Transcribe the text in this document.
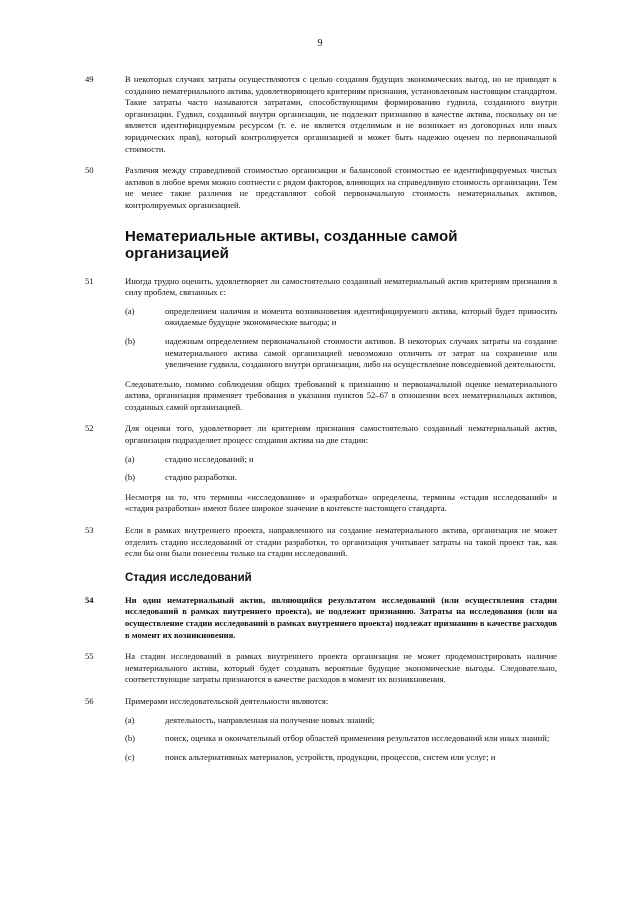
9
49	В некоторых случаях затраты осуществляются с целью создания будущих экономических выгод, но не приводят к созданию нематериального актива, удовлетворяющего критериям признания, установленным настоящим стандартом. Такие затраты часто называются затратами, способствующими формированию гудвила, созданного внутри организации. Гудвил, созданный внутри организации, не подлежит признанию в качестве актива, поскольку он не является идентифицируемым ресурсом (т. е. не является отделимым и не возникает из договорных или иных юридических прав), который контролируется организацией и может быть надежно оценен по первоначальной стоимости.
50	Различия между справедливой стоимостью организации и балансовой стоимостью ее идентифицируемых чистых активов в любое время можно соотнести с рядом факторов, влияющих на справедливую стоимость организации. Тем не менее такие различия не представляют собой первоначальную стоимость нематериальных активов, контролируемых организацией.
Нематериальные активы, созданные самой организацией
51	Иногда трудно оценить, удовлетворяет ли самостоятельно созданный нематериальный актив критериям признания в силу проблем, связанных с:
(a)	определением наличия и момента возникновения идентифицируемого актива, который будет приносить ожидаемые будущие экономические выгоды; и
(b)	надежным определением первоначальной стоимости активов. В некоторых случаях затраты на создание нематериального актива самой организацией невозможно отличить от затрат на сохранение или увеличение гудвила, созданного внутри организации, либо на осуществление повседневной деятельности.
Следовательно, помимо соблюдения общих требований к признанию и первоначальной оценке нематериального актива, организация применяет требования и указания пунктов 52–67 в отношении всех нематериальных активов, созданных самой организацией.
52	Для оценки того, удовлетворяет ли критериям признания самостоятельно созданный нематериальный актив, организация подразделяет процесс создания актива на две стадии:
(a)	стадию исследований; и
(b)	стадию разработки.
Несмотря на то, что термины «исследования» и «разработка» определены, термины «стадия исследований» и «стадия разработки» имеют более широкое значение в контексте настоящего стандарта.
53	Если в рамках внутреннего проекта, направленного на создание нематериального актива, организация не может отделить стадию исследований от стадии разработки, то организация учитывает затраты на такой проект так, как если бы они были понесены только на стадии исследований.
Стадия исследований
54	Ни один нематериальный актив, являющийся результатом исследований (или осуществления стадии исследований в рамках внутреннего проекта), не подлежит признанию. Затраты на исследования (или на осуществление стадии исследований в рамках внутреннего проекта) подлежат признанию в качестве расходов в момент их возникновения.
55	На стадии исследований в рамках внутреннего проекта организация не может продемонстрировать наличие нематериального актива, который будет создавать вероятные будущие экономические выгоды. Следовательно, соответствующие затраты признаются в качестве расходов в момент их возникновения.
56	Примерами исследовательской деятельности являются:
(a)	деятельность, направленная на получение новых знаний;
(b)	поиск, оценка и окончательный отбор областей применения результатов исследований или иных знаний;
(c)	поиск альтернативных материалов, устройств, продукции, процессов, систем или услуг; и
